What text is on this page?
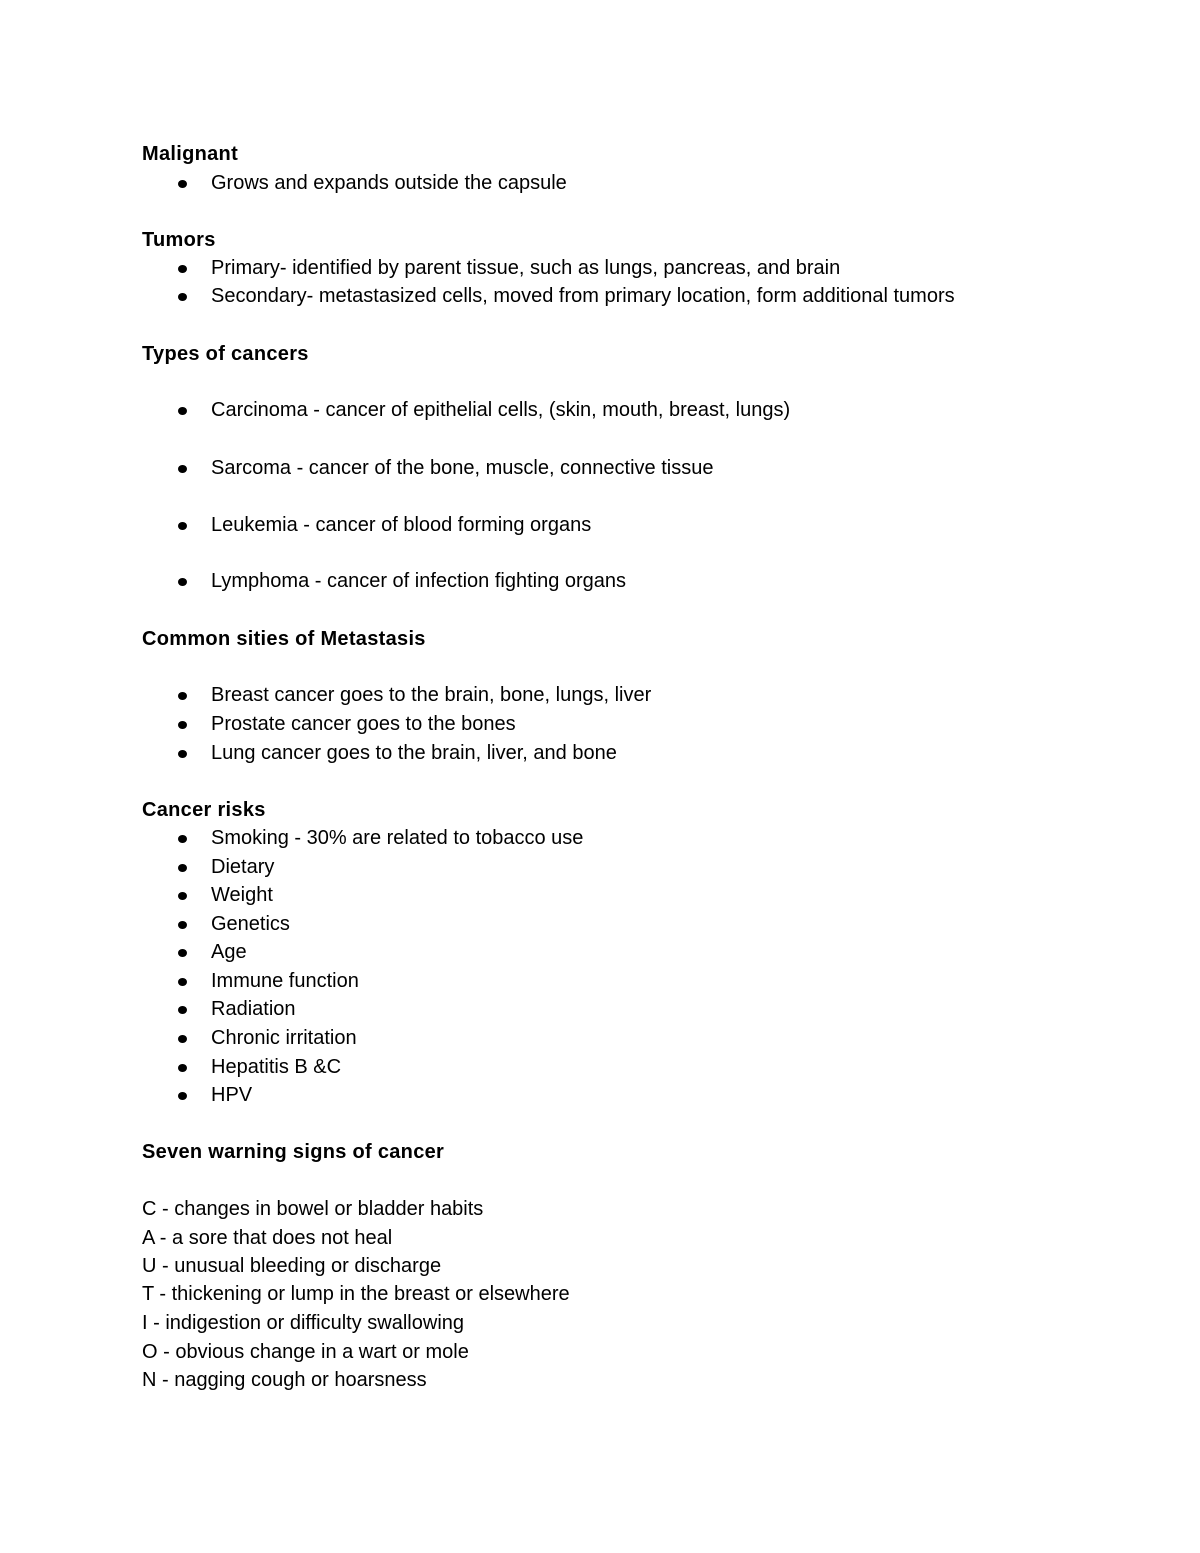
Malignant
Grows and expands outside the capsule
Tumors
Primary- identified by parent tissue, such as lungs, pancreas, and brain
Secondary- metastasized cells, moved from primary location, form additional tumors
Types of cancers
Carcinoma - cancer of epithelial cells, (skin, mouth, breast, lungs)
Sarcoma - cancer of the bone, muscle, connective tissue
Leukemia - cancer of blood forming organs
Lymphoma - cancer of infection fighting organs
Common sities of Metastasis
Breast cancer goes to the brain, bone, lungs, liver
Prostate cancer goes to the bones
Lung cancer goes to the brain, liver, and bone
Cancer risks
Smoking - 30% are related to tobacco use
Dietary
Weight
Genetics
Age
Immune function
Radiation
Chronic irritation
Hepatitis B &C
HPV
Seven warning signs of cancer
C - changes in bowel or bladder habits
A - a sore that does not heal
U - unusual bleeding or discharge
T - thickening or lump in the breast or elsewhere
I - indigestion or difficulty swallowing
O - obvious change in a wart or mole
N - nagging cough or hoarsness
